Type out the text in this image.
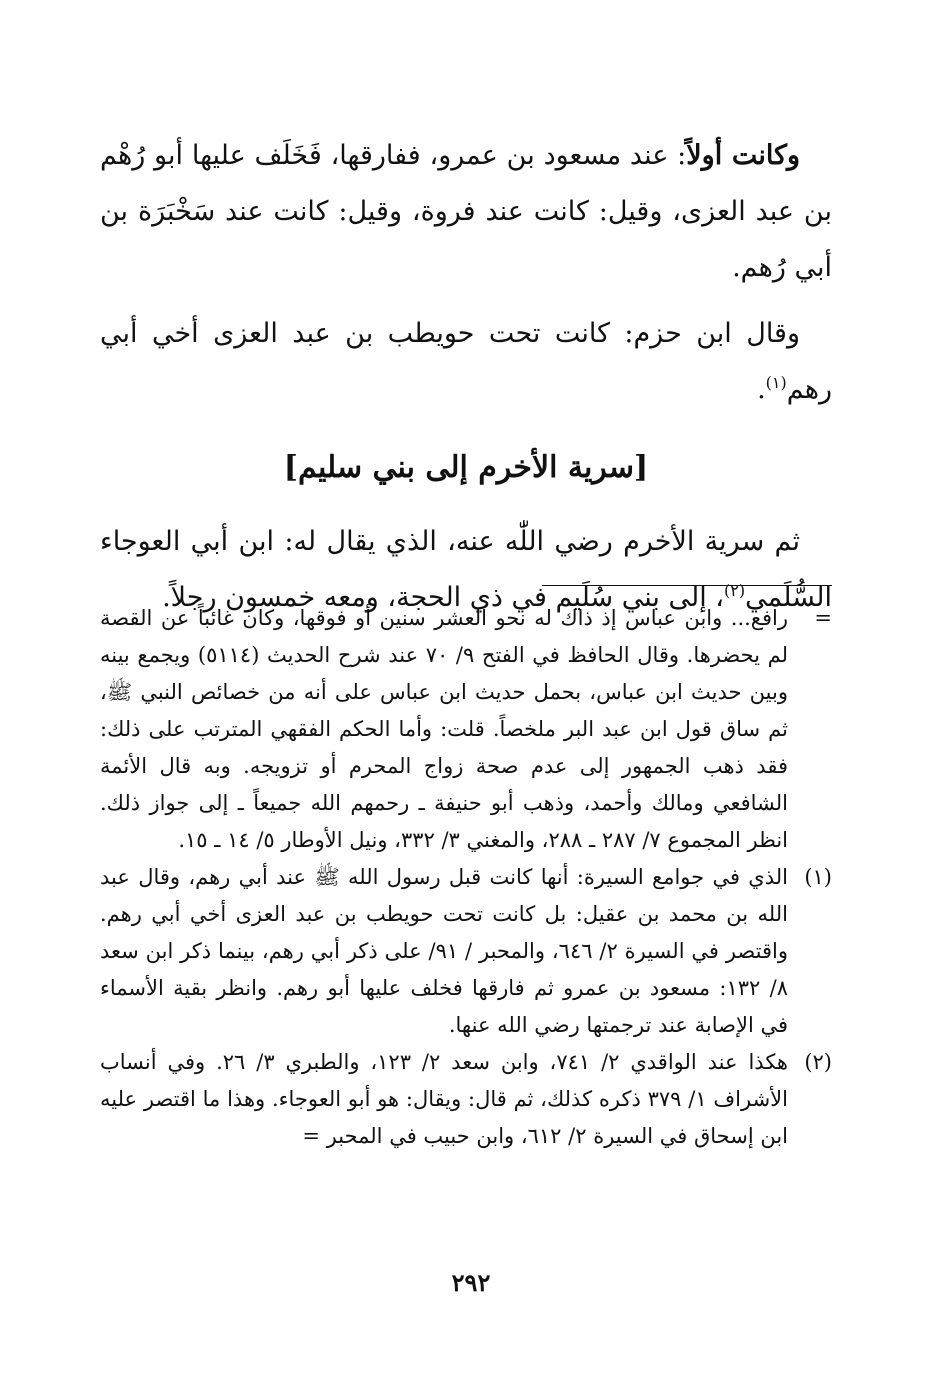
وكانت أولاً: عند مسعود بن عمرو، ففارقها، فَخَلَف عليها أبو رُهْم بن عبد العزى، وقيل: كانت عند فروة، وقيل: كانت عند سَخْبَرَة بن أبي رُهم.

وقال ابن حزم: كانت تحت حويطب بن عبد العزى أخي أبي رهم$^{(١)}$.

[سرية الأخرم إلى بني سليم]

ثم سرية الأخرم رضي اللّٰه عنه، الذي يقال له: ابن أبي العوجاء السُّلَمي$^{(٢)}$، إلى بني سُلَيم في ذي الحجة، ومعه خمسون رجلاً.

=
رافع... وابن عباس إذ ذاك له نحو العشر سنين أو فوقها، وكان غائباً عن القصة لم يحضرها. وقال الحافظ في الفتح ٩/ ٧٠ عند شرح الحديث (٥١١٤) ويجمع بينه وبين حديث ابن عباس، بحمل حديث ابن عباس على أنه من خصائص النبي ﷺ، ثم ساق قول ابن عبد البر ملخصاً. قلت: وأما الحكم الفقهي المترتب على ذلك: فقد ذهب الجمهور إلى عدم صحة زواج المحرم أو تزويجه. وبه قال الأئمة الشافعي ومالك وأحمد، وذهب أبو حنيفة ـ رحمهم الله جميعاً ـ إلى جواز ذلك. انظر المجموع ٧/ ٢٨٧ ـ ٢٨٨، والمغني ٣/ ٣٣٢، ونيل الأوطار ٥/ ١٤ ـ ١٥.

(١)
الذي في جوامع السيرة: أنها كانت قبل رسول الله ﷺ عند أبي رهم، وقال عبد الله بن محمد بن عقيل: بل كانت تحت حويطب بن عبد العزى أخي أبي رهم. واقتصر في السيرة ٢/ ٦٤٦، والمحبر / ٩١/ على ذكر أبي رهم، بينما ذكر ابن سعد ٨/ ١٣٢: مسعود بن عمرو ثم فارقها فخلف عليها أبو رهم. وانظر بقية الأسماء في الإصابة عند ترجمتها رضي الله عنها.

(٢)
هكذا عند الواقدي ٢/ ٧٤١، وابن سعد ٢/ ١٢٣، والطبري ٣/ ٢٦. وفي أنساب الأشراف ١/ ٣٧٩ ذكره كذلك، ثم قال: ويقال: هو أبو العوجاء. وهذا ما اقتصر عليه ابن إسحاق في السيرة ٢/ ٦١٢، وابن حبيب في المحبر =

٢٩٢
